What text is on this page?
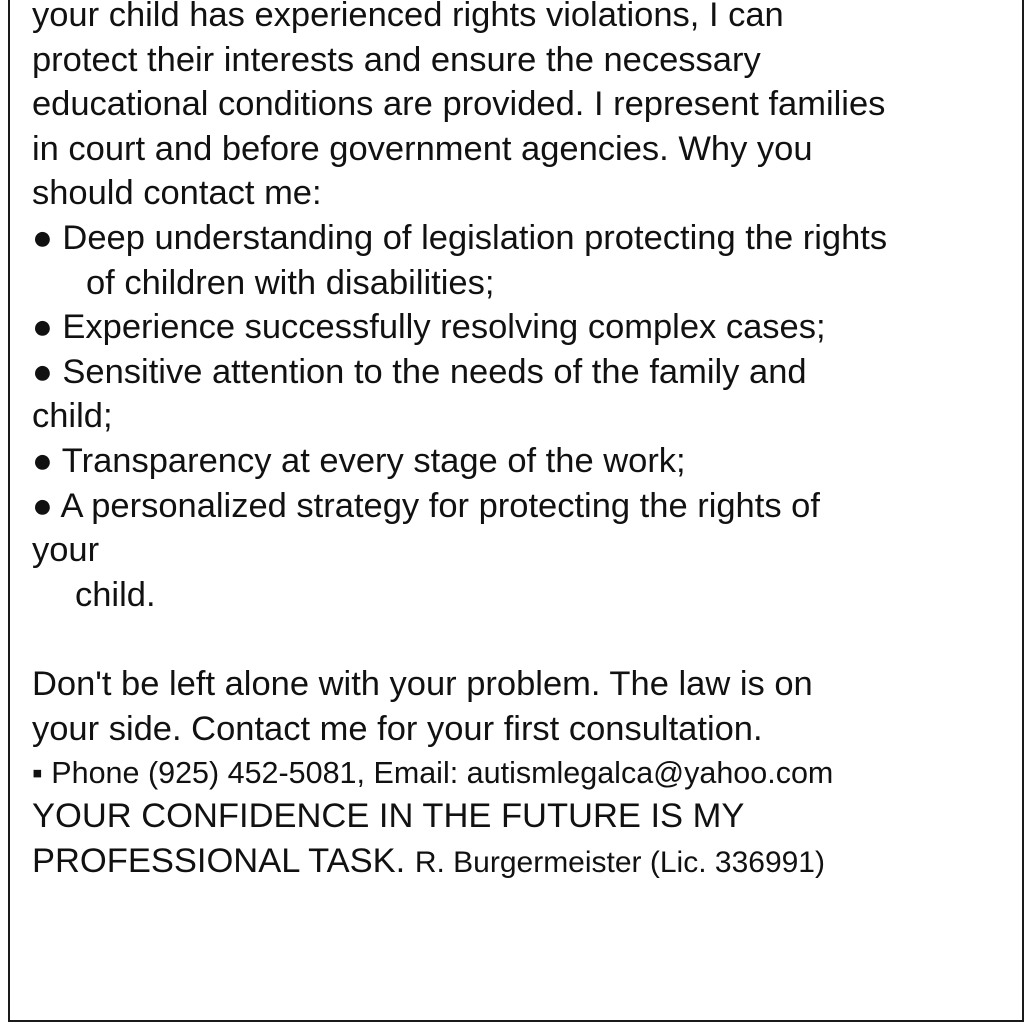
your child has experienced rights violations, I can
protect their interests and ensure the necessary
educational conditions are provided. I represent families
in court and before government agencies. Why you
should contact me:
● Deep understanding of legislation protecting the rights
of children with disabilities;
● Experience successfully resolving complex cases;
● Sensitive attention to the needs of the family and
child;
● Transparency at every stage of the work;
● A personalized strategy for protecting the rights of
your
child.
Don't be left alone with your problem. The law is on
your side. Contact me for your first consultation.
▪ Phone (925) 452-5081, Email: autismlegalca@yahoo.com
YOUR CONFIDENCE IN THE FUTURE IS MY
PROFESSIONAL TASK. R. Burgermeister (Lic. 336991)
